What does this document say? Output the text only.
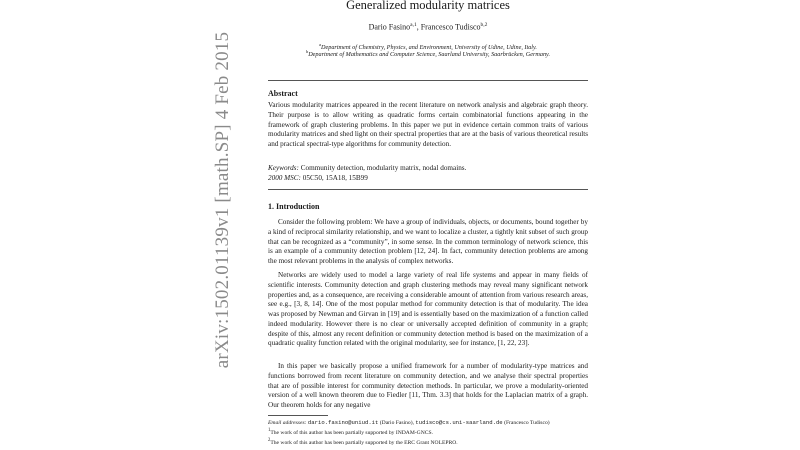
arXiv:1502.01139v1 [math.SP] 4 Feb 2015
Generalized modularity matrices
Dario Fasino$^{a,1}$, Francesco Tudisco$^{b,2}$
$^a$Department of Chemistry, Physics, and Environment, University of Udine, Udine, Italy.
$^b$Department of Mathematics and Computer Science, Saarland University, Saarbrücken, Germany.
Abstract
Various modularity matrices appeared in the recent literature on network analysis and algebraic graph theory. Their purpose is to allow writing as quadratic forms certain combinatorial functions appearing in the framework of graph clustering problems. In this paper we put in evidence certain common traits of various modularity matrices and shed light on their spectral properties that are at the basis of various theoretical results and practical spectral-type algorithms for community detection.
Keywords: Community detection, modularity matrix, nodal domains.
2000 MSC: 05C50, 15A18, 15B99
1. Introduction
Consider the following problem: We have a group of individuals, objects, or documents, bound together by a kind of reciprocal similarity relationship, and we want to localize a cluster, a tightly knit subset of such group that can be recognized as a “community”, in some sense. In the common terminology of network science, this is an example of a community detection problem [12, 24]. In fact, community detection problems are among the most relevant problems in the analysis of complex networks.
Networks are widely used to model a large variety of real life systems and appear in many fields of scientific interests. Community detection and graph clustering methods may reveal many significant network properties and, as a consequence, are receiving a considerable amount of attention from various research areas, see e.g., [3, 8, 14]. One of the most popular method for community detection is that of modularity. The idea was proposed by Newman and Girvan in [19] and is essentially based on the maximization of a function called indeed modularity. However there is no clear or universally accepted definition of community in a graph; despite of this, almost any recent definition or community detection method is based on the maximization of a quadratic quality function related with the original modularity, see for instance, [1, 22, 23].
In this paper we basically propose a unified framework for a number of modularity-type matrices and functions borrowed from recent literature on community detection, and we analyse their spectral properties that are of possible interest for community detection methods. In particular, we prove a modularity-oriented version of a well known theorem due to Fiedler [11, Thm. 3.3] that holds for the Laplacian matrix of a graph. Our theorem holds for any negative
Email addresses: dario.fasino@uniud.it (Dario Fasino), tudisco@cs.uni-saarland.de (Francesco Tudisco)
$^1$The work of this author has been partially supported by INDAM-GNCS.
$^2$The work of this author has been partially supported by the ERC Grant NOLEPRO.
